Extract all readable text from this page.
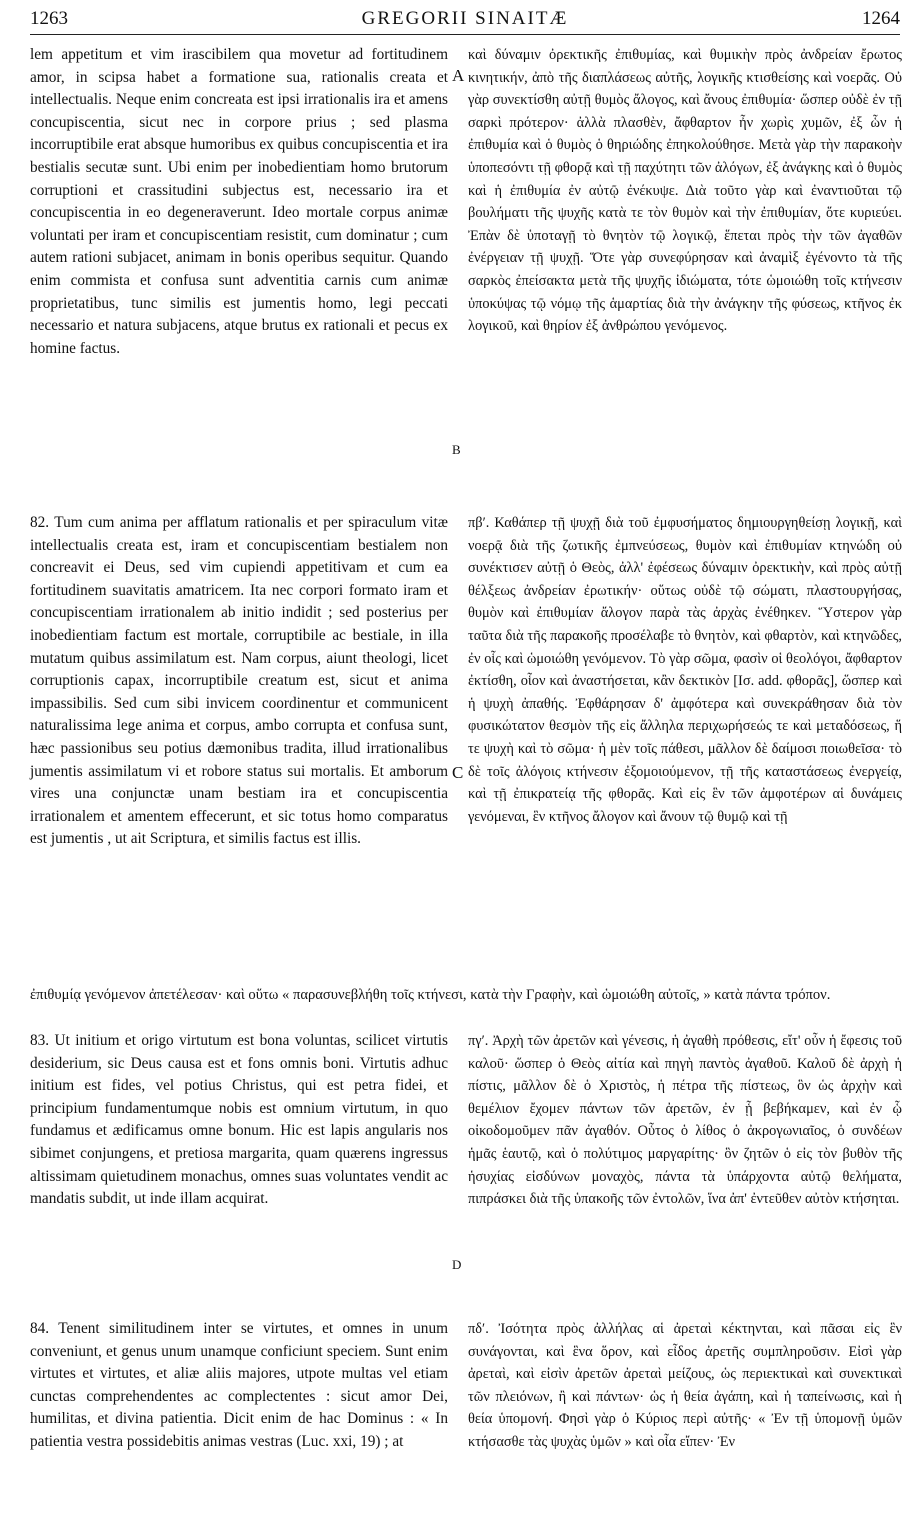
1263	GREGORII SINAITÆ	1264
A
B
C
D

lem appetitum et vim irascibilem qua movetur ad fortitudinem amor, in scipsa habet a formatione sua, rationalis creata et intellectualis. Neque enim concreata est ipsi irrationalis ira et amens concupiscentia, sicut nec in corpore prius ; sed plasma incorruptibile erat absque humoribus ex quibus concupiscentia et ira bestialis secutæ sunt. Ubi enim per inobedientiam homo brutorum corruptioni et crassitudini subjectus est, necessario ira et concupiscentia in eo degeneraverunt. Ideo mortale corpus animæ voluntati per iram et concupiscentiam resistit, cum dominatur ; cum autem rationi subjacet, animam in bonis operibus sequitur. Quando enim commista et confusa sunt adventitia carnis cum animæ proprietatibus, tunc similis est jumentis homo, legi peccati necessario et natura subjacens, atque brutus ex rationali et pecus ex homine factus.

82. Tum cum anima per afflatum rationalis et per spiraculum vitæ intellectualis creata est, iram et concupiscentiam bestialem non concreavit ei Deus, sed vim cupiendi appetitivam et cum ea fortitudinem suavitatis amatricem. Ita nec corpori formato iram et concupiscentiam irrationalem ab initio indidit ; sed posterius per inobedientiam factum est mortale, corruptibile ac bestiale, in illa mutatum quibus assimilatum est. Nam corpus, aiunt theologi, licet corruptionis capax, incorruptibile creatum est, sicut et anima impassibilis. Sed cum sibi invicem coordinentur et communicent naturalissima lege anima et corpus, ambo corrupta et confusa sunt, hæc passionibus seu potius dæmonibus tradita, illud irrationalibus jumentis assimilatum vi et robore status sui mortalis. Et amborum vires una conjunctæ unam bestiam ira et concupiscentia irrationalem et amentem effecerunt, et sic totus homo comparatus est jumentis , ut ait Scriptura, et similis factus est illis.

καὶ δύναμιν ὀρεκτικῆς ἐπιθυμίας, καὶ θυμικὴν πρὸς ἀνδρείαν ἔρωτος κινητικήν, ἀπὸ τῆς διαπλάσεως αὐτῆς, λογικῆς κτισθείσης καὶ νοερᾶς. Οὐ γὰρ συνεκτίσθη αὐτῇ θυμὸς ἄλογος, καὶ ἄνους ἐπιθυμία· ὥσπερ οὐδὲ ἐν τῇ σαρκὶ πρότερον· ἀλλὰ πλασθὲν, ἄφθαρτον ἦν χωρὶς χυμῶν, ἐξ ὧν ἡ ἐπιθυμία καὶ ὁ θυμὸς ὁ θηριώδης ἐπηκολούθησε. Μετὰ γὰρ τὴν παρακοὴν ὑποπεσόντι τῇ φθορᾷ καὶ τῇ παχύτητι τῶν ἀλόγων, ἐξ ἀνάγκης καὶ ὁ θυμὸς καὶ ἡ ἐπιθυμία ἐν αὐτῷ ἐνέκυψε. Διὰ τοῦτο γὰρ καὶ ἐναντιοῦται τῷ βουλήματι τῆς ψυχῆς κατὰ τε τὸν θυμὸν καὶ τὴν ἐπιθυμίαν, ὅτε κυριεύει. Ἐπὰν δὲ ὑποταγῇ τὸ θνητὸν τῷ λογικῷ, ἕπεται πρὸς τὴν τῶν ἀγαθῶν ἐνέργειαν τῇ ψυχῇ. Ὅτε γὰρ συνεφύρησαν καὶ ἀναμὶξ ἐγένοντο τὰ τῆς σαρκὸς ἐπείσακτα μετὰ τῆς ψυχῆς ἰδιώματα, τότε ὡμοιώθη τοῖς κτήνεσιν ὑποκύψας τῷ νόμῳ τῆς ἁμαρτίας διὰ τὴν ἀνάγκην τῆς φύσεως, κτῆνος ἐκ λογικοῦ, καὶ θηρίον ἐξ ἀνθρώπου γενόμενος.

πβʹ. Καθάπερ τῇ ψυχῇ διὰ τοῦ ἐμφυσήματος δημιουργηθείσῃ λογικῇ, καὶ νοερᾷ διὰ τῆς ζωτικῆς ἐμπνεύσεως, θυμὸν καὶ ἐπιθυμίαν κτηνώδη οὐ συνέκτισεν αὐτῇ ὁ Θεὸς, ἀλλ' ἐφέσεως δύναμιν ὀρεκτικὴν, καὶ πρὸς αὐτῇ θέλξεως ἀνδρείαν ἐρωτικήν· οὕτως οὐδὲ τῷ σώματι, πλαστουργήσας, θυμὸν καὶ ἐπιθυμίαν ἄλογον παρὰ τὰς ἀρχὰς ἐνέθηκεν. Ὕστερον γὰρ ταῦτα διὰ τῆς παρακοῆς προσέλαβε τὸ θνητὸν, καὶ φθαρτὸν, καὶ κτηνῶδες, ἐν οἷς καὶ ὡμοιώθη γενόμενον. Τὸ γὰρ σῶμα, φασὶν οἱ θεολόγοι, ἄφθαρτον ἐκτίσθη, οἷον καὶ ἀναστήσεται, κἂν δεκτικὸν [Ισ. add. φθορᾶς], ὥσπερ καὶ ἡ ψυχὴ ἀπαθής. Ἐφθάρησαν δ' ἀμφότερα καὶ συνεκράθησαν διὰ τὸν φυσικώτατον θεσμὸν τῆς εἰς ἄλληλα περιχωρήσεώς τε καὶ μεταδόσεως, ἥ τε ψυχὴ καὶ τὸ σῶμα· ἡ μὲν τοῖς πάθεσι, μᾶλλον δὲ δαίμοσι ποιωθεῖσα· τὸ δὲ τοῖς ἀλόγοις κτήνεσιν ἐξομοιούμενον, τῇ τῆς καταστάσεως ἐνεργείᾳ, καὶ τῇ ἐπικρατείᾳ τῆς φθορᾶς. Καὶ εἰς ἓν τῶν ἀμφοτέρων αἱ δυνάμεις γενόμεναι, ἓν κτῆνος ἄλογον καὶ ἄνουν τῷ θυμῷ καὶ τῇ

ἐπιθυμίᾳ γενόμενον ἀπετέλεσαν· καὶ οὕτω « παρασυνεβλήθη τοῖς κτήνεσι, κατὰ τὴν Γραφὴν, καὶ ὡμοιώθη αὐτοῖς, » κατὰ πάντα τρόπον.

83. Ut initium et origo virtutum est bona voluntas, scilicet virtutis desiderium, sic Deus causa est et fons omnis boni. Virtutis adhuc initium est fides, vel potius Christus, qui est petra fidei, et principium fundamentumque nobis est omnium virtutum, in quo fundamus et ædificamus omne bonum. Hic est lapis angularis nos sibimet conjungens, et pretiosa margarita, quam quærens ingressus altissimam quietudinem monachus, omnes suas voluntates vendit ac mandatis subdit, ut inde illam acquirat.

πγʹ. Ἀρχὴ τῶν ἀρετῶν καὶ γένεσις, ἡ ἀγαθὴ πρόθεσις, εἴτ' οὖν ἡ ἔφεσις τοῦ καλοῦ· ὥσπερ ὁ Θεὸς αἰτία καὶ πηγὴ παντὸς ἀγαθοῦ. Καλοῦ δὲ ἀρχὴ ἡ πίστις, μᾶλλον δὲ ὁ Χριστὸς, ἡ πέτρα τῆς πίστεως, ὃν ὡς ἀρχὴν καὶ θεμέλιον ἔχομεν πάντων τῶν ἀρετῶν, ἐν ᾗ βεβήκαμεν, καὶ ἐν ᾧ οἰκοδομοῦμεν πᾶν ἀγαθόν. Οὗτος ὁ λίθος ὁ ἀκρογωνιαῖος, ὁ συνδέων ἡμᾶς ἑαυτῷ, καὶ ὁ πολύτιμος μαργαρίτης· ὃν ζητῶν ὁ εἰς τὸν βυθὸν τῆς ἡσυχίας εἰσδύνων μοναχὸς, πάντα τὰ ὑπάρχοντα αὐτῷ θελήματα, πιπράσκει διὰ τῆς ὑπακοῆς τῶν ἐντολῶν, ἵνα ἀπ' ἐντεῦθεν αὐτὸν κτήσηται.

84. Tenent similitudinem inter se virtutes, et omnes in unum conveniunt, et genus unum unamque conficiunt speciem. Sunt enim virtutes et virtutes, et aliæ aliis majores, utpote multas vel etiam cunctas comprehendentes ac complectentes : sicut amor Dei, humilitas, et divina patientia. Dicit enim de hac Dominus : « In patientia vestra possidebitis animas vestras (Luc. xxi, 19) ; at

πδʹ. Ἰσότητα πρὸς ἀλλήλας αἱ ἀρεταὶ κέκτηνται, καὶ πᾶσαι εἰς ἓν συνάγονται, καὶ ἓνα ὅρον, καὶ εἶδος ἀρετῆς συμπληροῦσιν. Εἰσὶ γὰρ ἀρεταὶ, καὶ εἰσὶν ἀρετῶν ἀρεταὶ μείζους, ὡς περιεκτικαὶ καὶ συνεκτικαὶ τῶν πλειόνων, ἢ καὶ πάντων· ὡς ἡ θεία ἀγάπη, καὶ ἡ ταπείνωσις, καὶ ἡ θεία ὑπομονή. Φησὶ γὰρ ὁ Κύριος περὶ αὐτῆς· « Ἐν τῇ ὑπομονῇ ὑμῶν κτήσασθε τὰς ψυχὰς ὑμῶν » καὶ οἷα εἴπεν· Ἐν
